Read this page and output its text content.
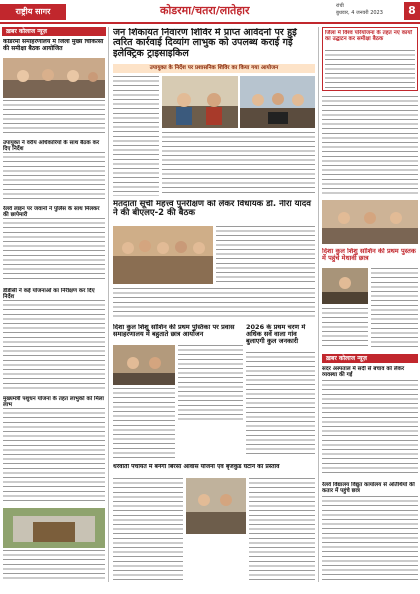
राष्ट्रीय सागर	कोडरमा/चतरा/लातेहार	रांची
बुधवार, 4 जनवरी 2023	8
ख़बर कोलाज न्यूज़
कोडरमा समाहरणालय में जिला मुख्य चिकित्सा की समीक्षा बैठक आयोजित
उपायुक्त ने वरीय अधिकारियों के साथ बैठक कर दिए निर्देश
रेलवे लाइन पर जवानों ने पुलिस के साथ मिलकर की छापेमारी
डीडीसी ने कई योजनाओं का निरीक्षण कर दिए निर्देश
मुख्यमंत्री पशुधन योजना के तहत लाभुकों को मिला लाभ
जन शिकायत निवारण शिविर में प्राप्त आवेदनों पर हुई त्वरित कार्रवाई दिव्यांग लाभुक को उपलब्ध कराई गई इलेक्ट्रिक ट्राइसाइकिल
उपायुक्त के निर्देश पर प्रशासनिक शिविर का किया गया आयोजन
मतदाता सूची महत्त्व पुनरीक्षण को लेकर विधायक डॉ. नीरा यादव ने की बीएलए-2 की बैठक
दिशा कुल शिशु सोशिन की प्रथम पुस्तिका पर प्रवास समाहरणालय में बहुताते छात्र आयोजन
2026 के प्रथम चरण में अधिक सर्वे वाला गांव बुलाएगी कुल जनकारी
धरवाती पंचायत में बनेगी बिरसा आवास योजना एवं बृजकुंड घटाने का प्रस्ताव
जिला में विश्व परियोजना के तहत नए कार्यों का उद्घाटन कर समीक्षा बैठक
दिशा कुल शिशु सोशिन की प्रथम पुस्तक में पहुंचे मेधावी छात्र
ख़बर कोलाज न्यूज़
सदर अस्पताल में सर्दी से बचाव को लेकर व्यवस्था की गई
रेलवे विद्यालय विद्युत कार्यालय से अतिथियों की कतार में पहुंचे छात्र
